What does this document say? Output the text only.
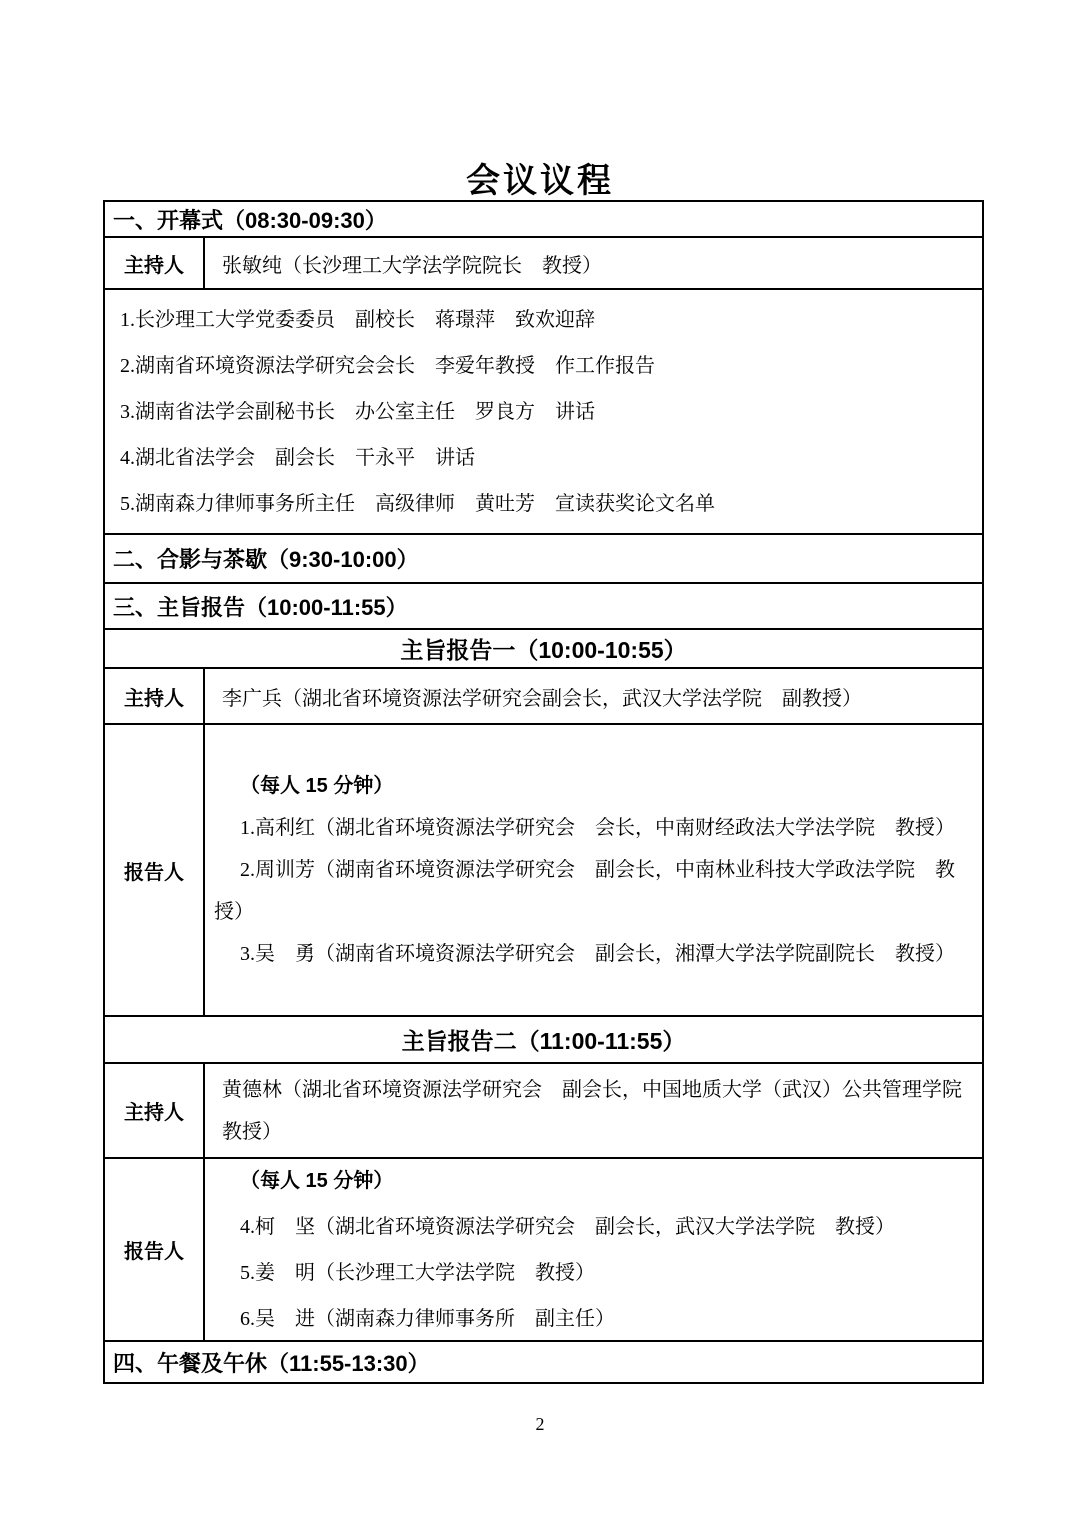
会议议程
一、开幕式（08:30-09:30）
主持人	张敏纯（长沙理工大学法学院院长　教授）
1.长沙理工大学党委委员　副校长　蒋璟萍　致欢迎辞
2.湖南省环境资源法学研究会会长　李爱年教授　作工作报告
3.湖南省法学会副秘书长　办公室主任　罗良方　讲话
4.湖北省法学会　副会长　干永平　讲话
5.湖南森力律师事务所主任　高级律师　黄吐芳　宣读获奖论文名单
二、合影与茶歇（9:30-10:00）
三、主旨报告（10:00-11:55）
主旨报告一（10:00-10:55）
主持人	李广兵（湖北省环境资源法学研究会副会长，武汉大学法学院　副教授）
报告人

（每人 15 分钟）

1.高利红（湖北省环境资源法学研究会　会长，中南财经政法大学法学院　教授）

2.周训芳（湖南省环境资源法学研究会　副会长，中南林业科技大学政法学院　教授）

3.吴　勇（湖南省环境资源法学研究会　副会长，湘潭大学法学院副院长　教授）

主旨报告二（11:00-11:55）
主持人
黄德林（湖北省环境资源法学研究会　副会长，中国地质大学（武汉）公共管理学院　教授）
报告人

（每人 15 分钟）

4.柯　坚（湖北省环境资源法学研究会　副会长，武汉大学法学院　教授）

5.姜　明（长沙理工大学法学院　教授）

6.吴　进（湖南森力律师事务所　副主任）

四、午餐及午休（11:55-13:30）
2
